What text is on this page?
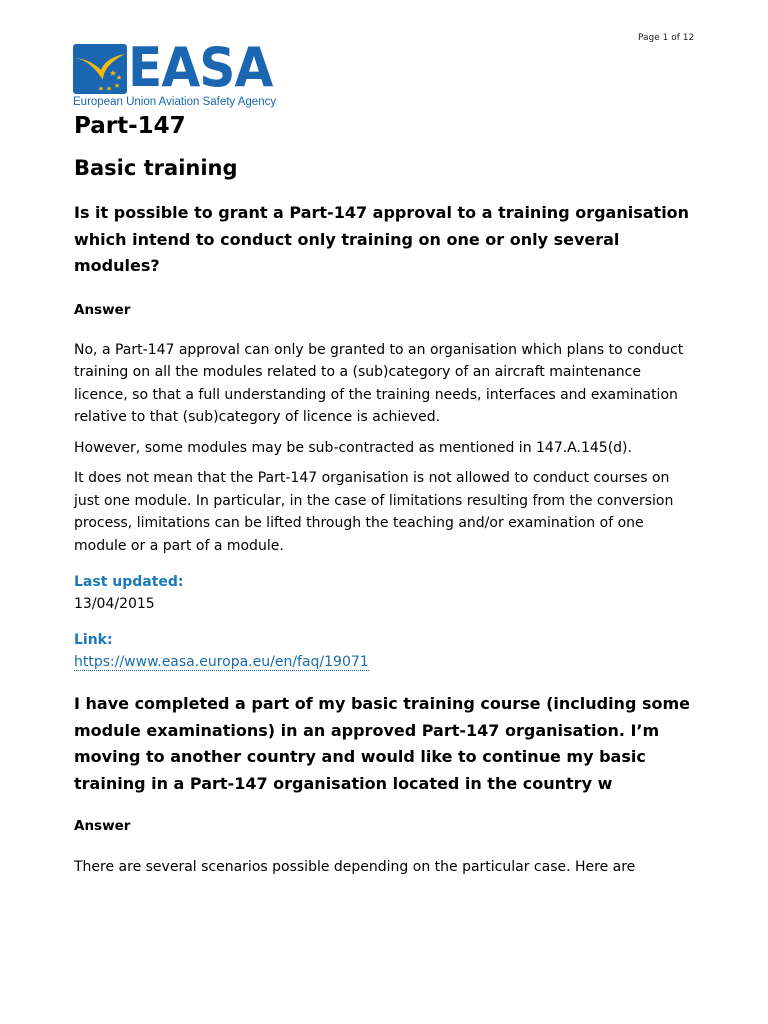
Page 1 of 12
EASA
European Union Aviation Safety Agency
Part-147
Basic training
Is it possible to grant a Part-147 approval to a training organisation which intend to conduct only training on one or only several modules?
Answer

No, a Part-147 approval can only be granted to an organisation which plans to conduct training on all the modules related to a (sub)category of an aircraft maintenance licence, so that a full understanding of the training needs, interfaces and examination relative to that (sub)category of licence is achieved.

However, some modules may be sub-contracted as mentioned in 147.A.145(d).

It does not mean that the Part-147 organisation is not allowed to conduct courses on just one module. In particular, in the case of limitations resulting from the conversion process, limitations can be lifted through the teaching and/or examination of one module or a part of a module.

Last updated:
13/04/2015
Link:
https://www.easa.europa.eu/en/faq/19071
I have completed a part of my basic training course (including some module examinations) in an approved Part-147 organisation. I’m moving to another country and would like to continue my basic training in a Part-147 organisation located in the country w
Answer

There are several scenarios possible depending on the particular case. Here are
